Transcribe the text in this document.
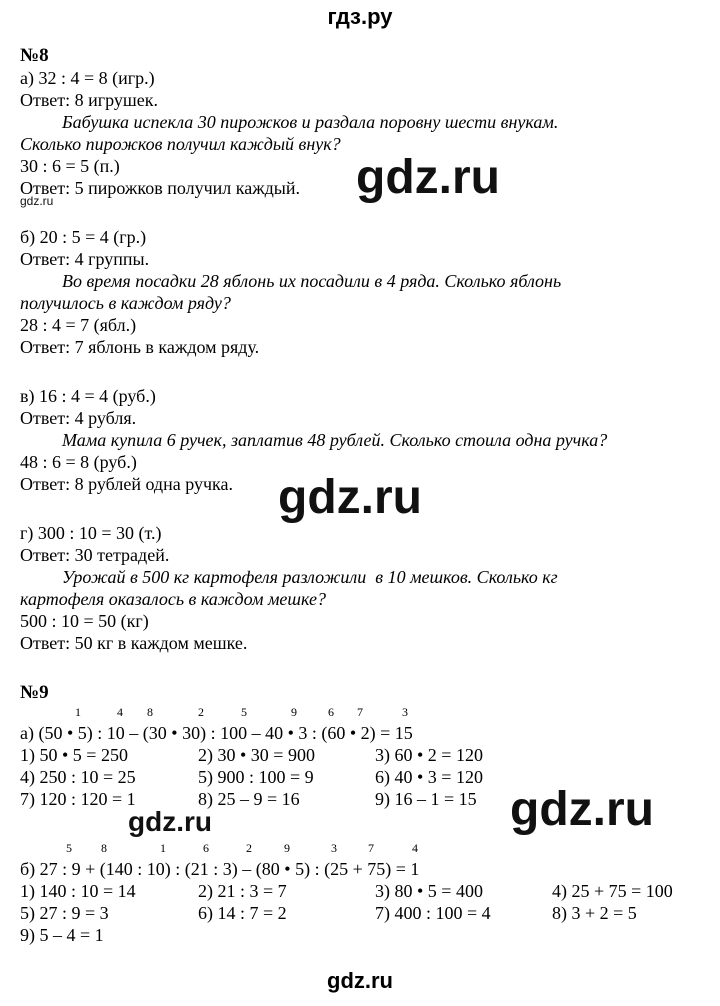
гдз.ру
№8
а) 32 : 4 = 8 (игр.)
Ответ: 8 игрушек.
Бабушка испекла 30 пирожков и раздала поровну шести внукам.
Сколько пирожков получил каждый внук?
30 : 6 = 5 (п.)
Ответ: 5 пирожков получил каждый.
б) 20 : 5 = 4 (гр.)
Ответ: 4 группы.
Во время посадки 28 яблонь их посадили в 4 ряда. Сколько яблонь
получилось в каждом ряду?
28 : 4 = 7 (ябл.)
Ответ: 7 яблонь в каждом ряду.
в) 16 : 4 = 4 (руб.)
Ответ: 4 рубля.
Мама купила 6 ручек, заплатив 48 рублей. Сколько стоила одна ручка?
48 : 6 = 8 (руб.)
Ответ: 8 рублей одна ручка.
г) 300 : 10 = 30 (т.)
Ответ: 30 тетрадей.
Урожай в 500 кг картофеля разложили  в 10 мешков. Сколько кг
картофеля оказалось в каждом мешке?
500 : 10 = 50 (кг)
Ответ: 50 кг в каждом мешке.
№9
1	4 8	2	5	9	6 7	3
а) (50 • 5) : 10 – (30 • 30) : 100 – 40 • 3 : (60 • 2) = 15
1) 50 • 5 = 250	2) 30 • 30 = 900	3) 60 • 2 = 120
4) 250 : 10 = 25	5) 900 : 100 = 9	6) 40 • 3 = 120
7) 120 : 120 = 1	8) 25 – 9 = 16	9) 16 – 1 = 15
5 8	1	6	2	9	3	7	4
б) 27 : 9 + (140 : 10) : (21 : 3) – (80 • 5) : (25 + 75) = 1
1) 140 : 10 = 14	2) 21 : 3 = 7	3) 80 • 5 = 400	4) 25 + 75 = 100
5) 27 : 9 = 3	6) 14 : 7 = 2	7) 400 : 100 = 4	8) 3 + 2 = 5
9) 5 – 4 = 1
gdz.ru	gdz.ru
gdz.ru
gdz.ru	gdz.ru
gdz.ru
